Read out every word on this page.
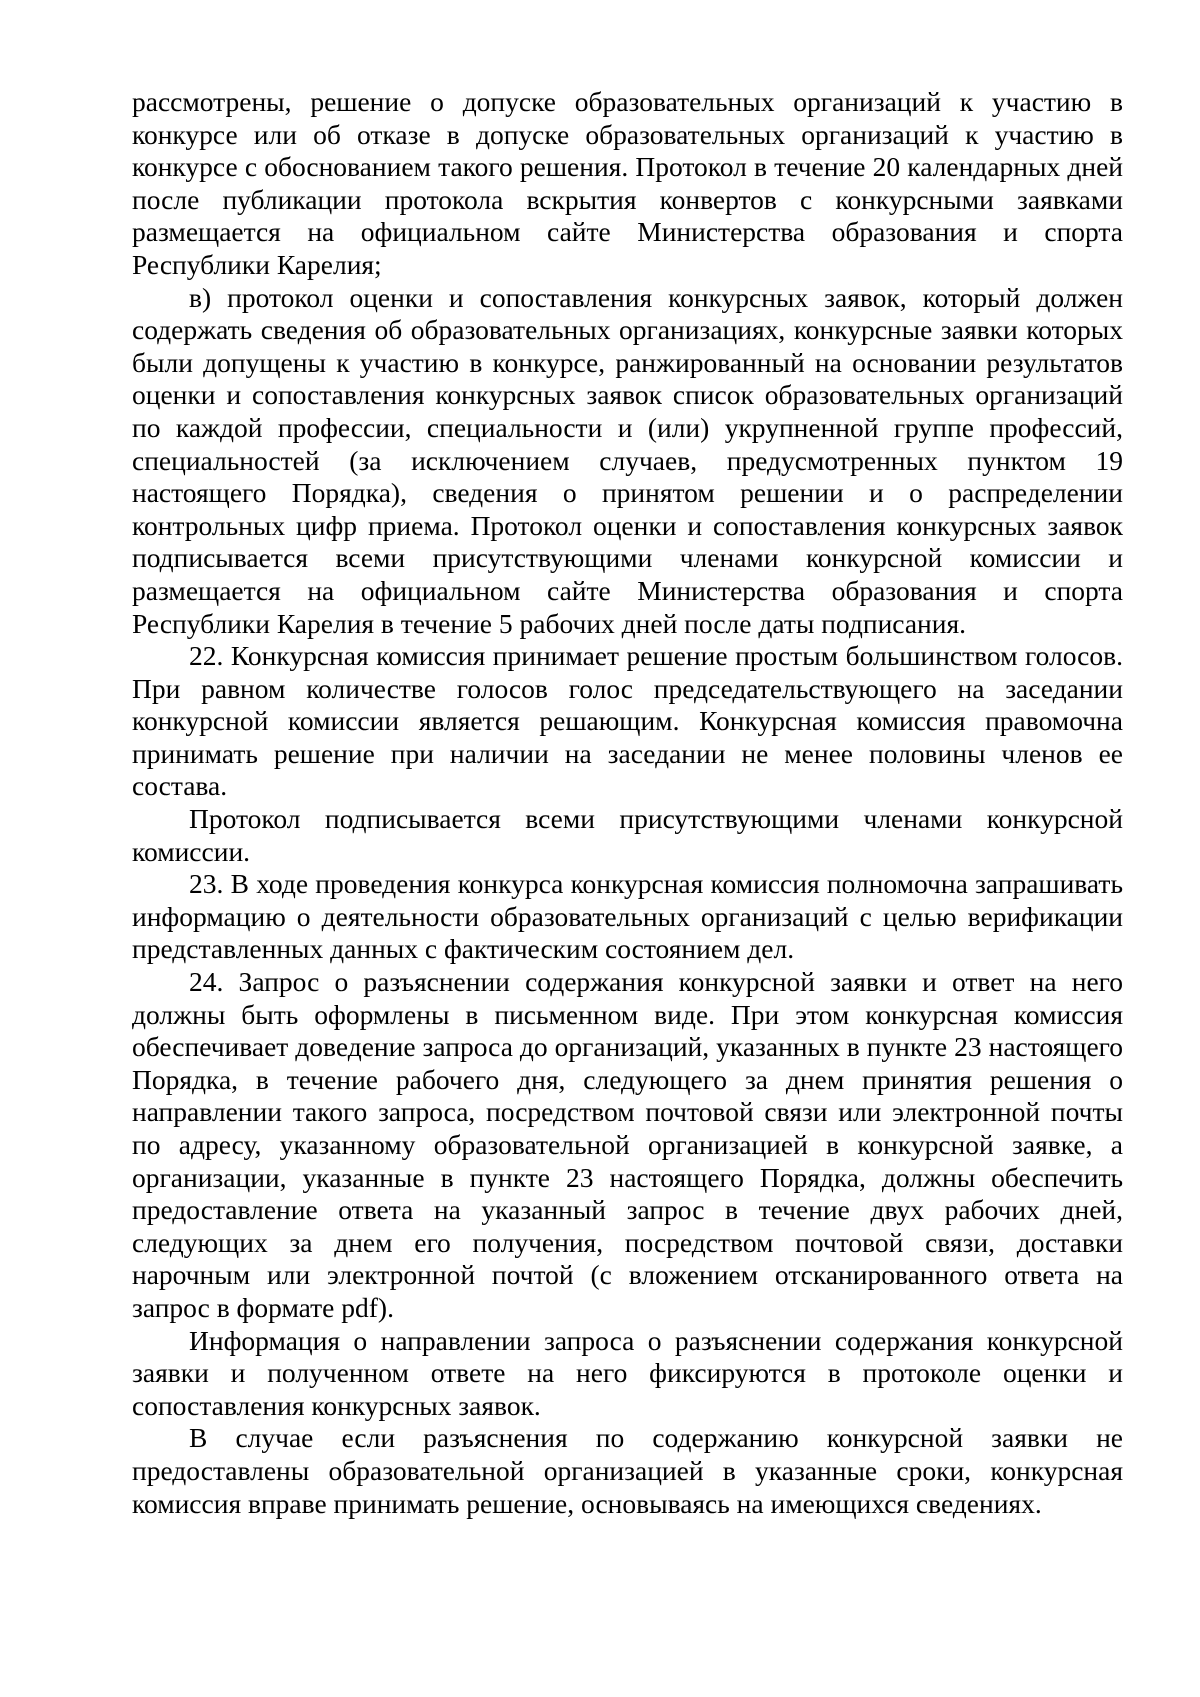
рассмотрены, решение о допуске образовательных организаций к участию в конкурсе или об отказе в допуске образовательных организаций к участию в конкурсе с обоснованием такого решения. Протокол в течение 20 календарных дней после публикации протокола вскрытия конвертов с конкурсными заявками размещается на официальном сайте Министерства образования и спорта Республики Карелия;

в) протокол оценки и сопоставления конкурсных заявок, который должен содержать сведения об образовательных организациях, конкурсные заявки которых были допущены к участию в конкурсе, ранжированный на основании результатов оценки и сопоставления конкурсных заявок список образовательных организаций по каждой профессии, специальности и (или) укрупненной группе профессий, специальностей (за исключением случаев, предусмотренных пунктом 19 настоящего Порядка), сведения о принятом решении и о распределении контрольных цифр приема. Протокол оценки и сопоставления конкурсных заявок подписывается всеми присутствующими членами конкурсной комиссии и размещается на официальном сайте Министерства образования и спорта Республики Карелия в течение 5 рабочих дней после даты подписания.

22. Конкурсная комиссия принимает решение простым большинством голосов. При равном количестве голосов голос председательствующего на заседании конкурсной комиссии является решающим. Конкурсная комиссия правомочна принимать решение при наличии на заседании не менее половины членов ее состава.

Протокол подписывается всеми присутствующими членами конкурсной комиссии.

23. В ходе проведения конкурса конкурсная комиссия полномочна запрашивать информацию о деятельности образовательных организаций с целью верификации представленных данных с фактическим состоянием дел.

24. Запрос о разъяснении содержания конкурсной заявки и ответ на него должны быть оформлены в письменном виде. При этом конкурсная комиссия обеспечивает доведение запроса до организаций, указанных в пункте 23 настоящего Порядка, в течение рабочего дня, следующего за днем принятия решения о направлении такого запроса, посредством почтовой связи или электронной почты по адресу, указанному образовательной организацией в конкурсной заявке, а организации, указанные в пункте 23 настоящего Порядка, должны обеспечить предоставление ответа на указанный запрос в течение двух рабочих дней, следующих за днем его получения, посредством почтовой связи, доставки нарочным или электронной почтой (с вложением отсканированного ответа на запрос в формате pdf).

Информация о направлении запроса о разъяснении содержания конкурсной заявки и полученном ответе на него фиксируются в протоколе оценки и сопоставления конкурсных заявок.

В случае если разъяснения по содержанию конкурсной заявки не предоставлены образовательной организацией в указанные сроки, конкурсная комиссия вправе принимать решение, основываясь на имеющихся сведениях.
